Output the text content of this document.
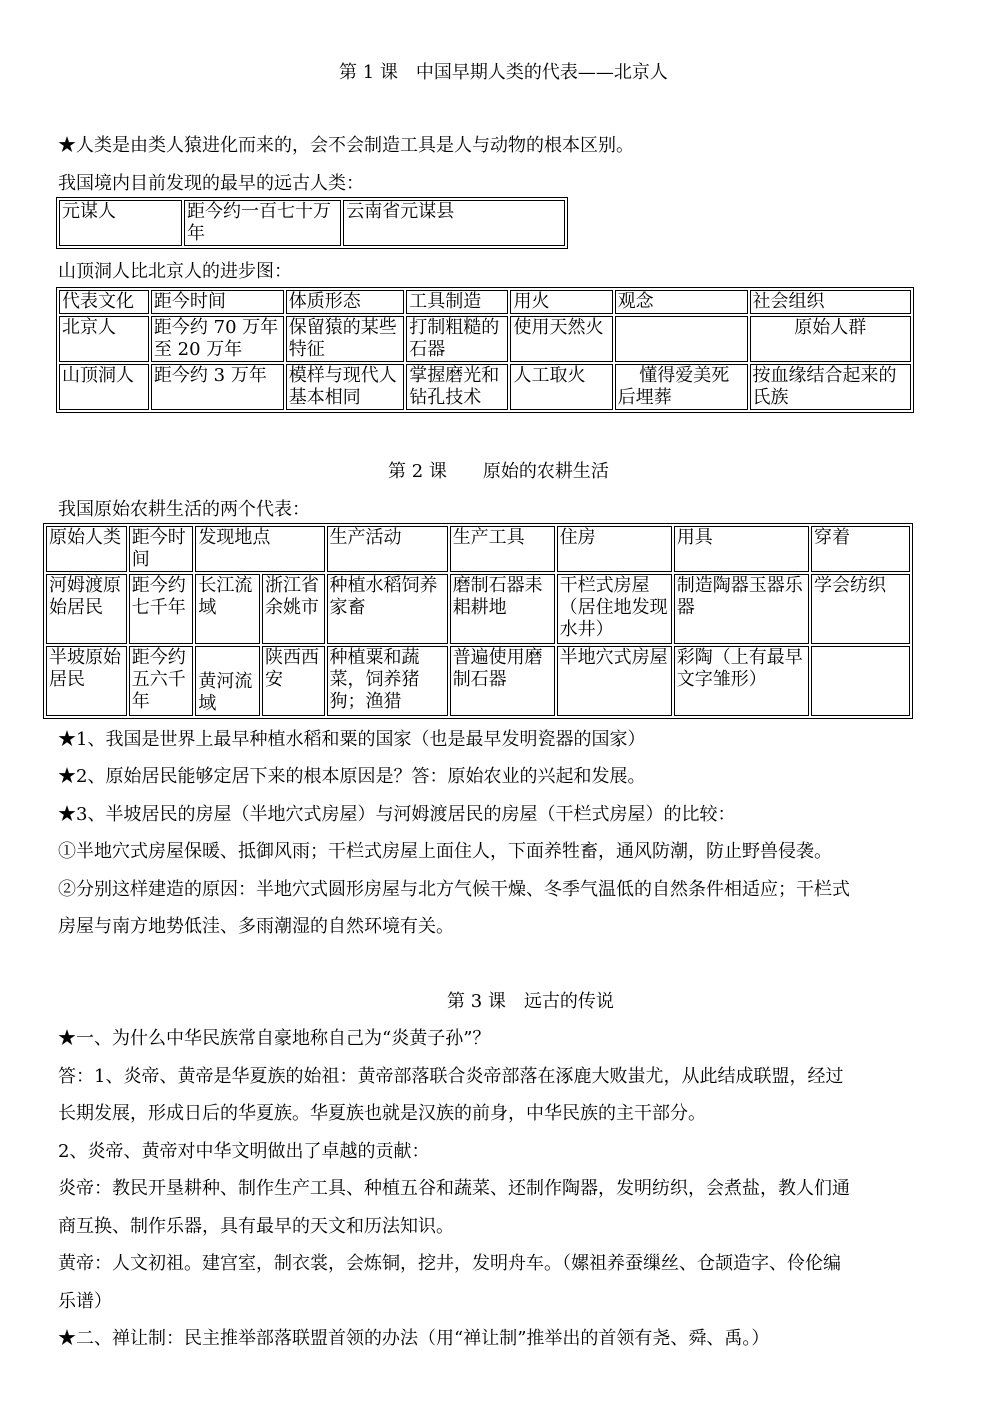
第 1 课　中国早期人类的代表——北京人
★人类是由类人猿进化而来的，会不会制造工具是人与动物的根本区别。
我国境内目前发现的最早的远古人类：
元谋人	距今约一百七十万年	云南省元谋县
山顶洞人比北京人的进步图：
代表文化	距今时间	体质形态	工具制造	用火	观念	社会组织
北京人	距今约 70 万年至 20 万年	保留猿的某些特征	打制粗糙的石器	使用天然火		原始人群
山顶洞人	距今约 3 万年	模样与现代人基本相同	掌握磨光和钻孔技术	人工取火	懂得爱美死后埋葬	按血缘结合起来的氏族
第 2 课　　原始的农耕生活
我国原始农耕生活的两个代表：
原始人类	距今时间	发现地点		生产活动	生产工具	住房	用具	穿着
河姆渡原始居民	距今约七千年	长江流域	浙江省余姚市	种植水稻饲养家畜	磨制石器耒耜耕地	干栏式房屋（居住地发现水井）	制造陶器玉器乐器	学会纺织
半坡原始居民	距今约五六千年	黄河流域	陕西西安	种植粟和蔬菜，饲养猪狗；渔猎	普遍使用磨制石器	半地穴式房屋	彩陶（上有最早文字雏形）	
★1、我国是世界上最早种植水稻和粟的国家（也是最早发明瓷器的国家）
★2、原始居民能够定居下来的根本原因是？答：原始农业的兴起和发展。
★3、半坡居民的房屋（半地穴式房屋）与河姆渡居民的房屋（干栏式房屋）的比较：
①半地穴式房屋保暖、抵御风雨；干栏式房屋上面住人，下面养牲畜，通风防潮，防止野兽侵袭。
②分别这样建造的原因：半地穴式圆形房屋与北方气候干燥、冬季气温低的自然条件相适应；干栏式
房屋与南方地势低洼、多雨潮湿的自然环境有关。
第 3 课　远古的传说
★一、为什么中华民族常自豪地称自己为“炎黄子孙”？
答：1、炎帝、黄帝是华夏族的始祖：黄帝部落联合炎帝部落在涿鹿大败蚩尤，从此结成联盟，经过
长期发展，形成日后的华夏族。华夏族也就是汉族的前身，中华民族的主干部分。
2、炎帝、黄帝对中华文明做出了卓越的贡献：
炎帝：教民开垦耕种、制作生产工具、种植五谷和蔬菜、还制作陶器，发明纺织，会煮盐，教人们通
商互换、制作乐器，具有最早的天文和历法知识。
黄帝：人文初祖。建宫室，制衣裳，会炼铜，挖井，发明舟车。（嫘祖养蚕缫丝、仓颉造字、伶伦编
乐谱）
★二、禅让制：民主推举部落联盟首领的办法（用“禅让制”推举出的首领有尧、舜、禹。）
